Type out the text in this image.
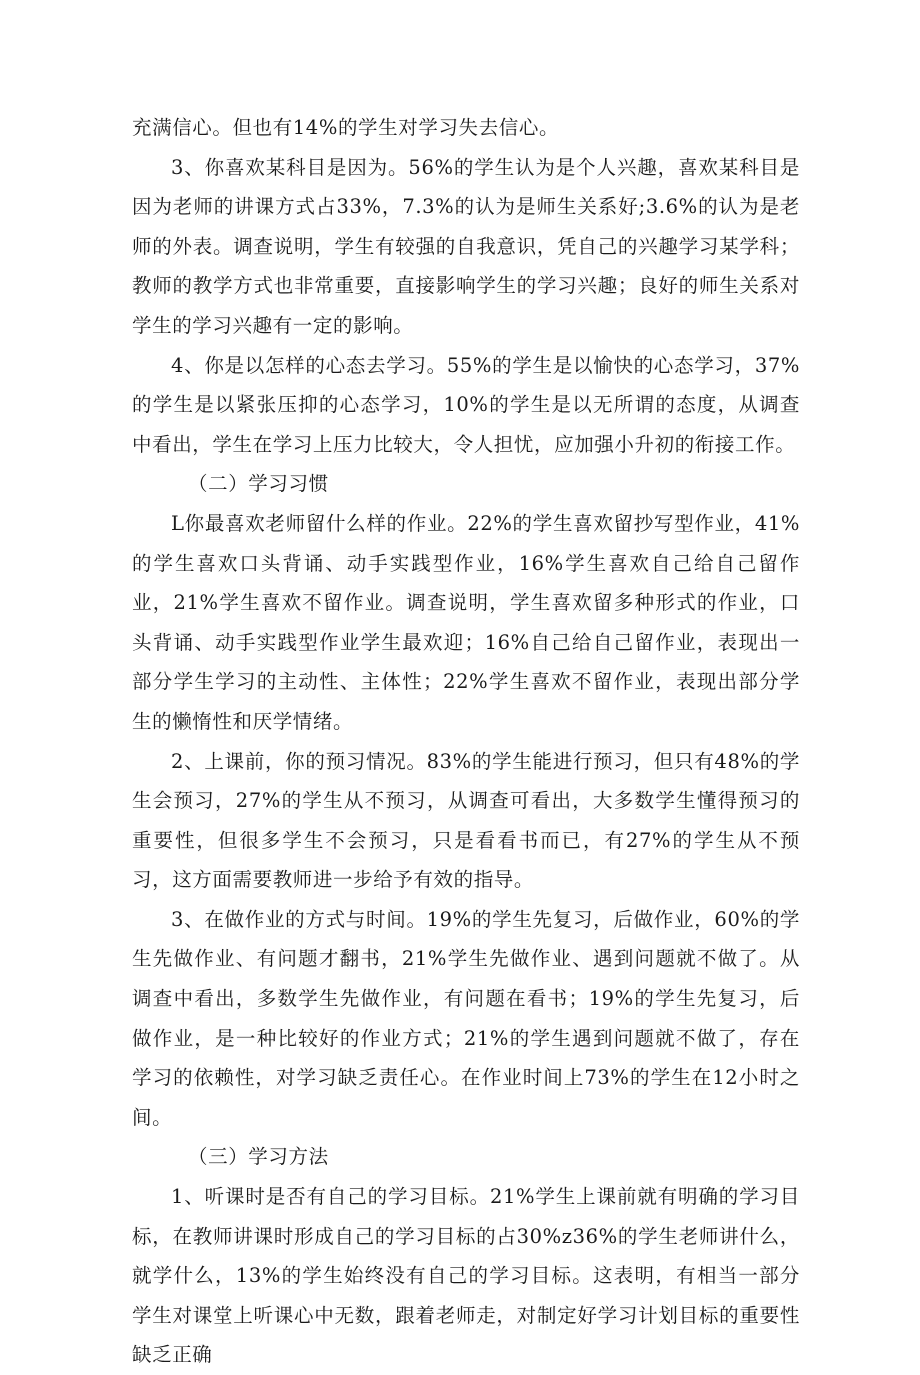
充满信心。但也有14%的学生对学习失去信心。

3、你喜欢某科目是因为。56%的学生认为是个人兴趣，喜欢某科目是因为老师的讲课方式占33%，7.3%的认为是师生关系好;3.6%的认为是老师的外表。调查说明，学生有较强的自我意识，凭自己的兴趣学习某学科；教师的教学方式也非常重要，直接影响学生的学习兴趣；良好的师生关系对学生的学习兴趣有一定的影响。

4、你是以怎样的心态去学习。55%的学生是以愉快的心态学习，37%的学生是以紧张压抑的心态学习，10%的学生是以无所谓的态度，从调查中看出，学生在学习上压力比较大，令人担忧，应加强小升初的衔接工作。

（二）学习习惯

L你最喜欢老师留什么样的作业。22%的学生喜欢留抄写型作业，41%的学生喜欢口头背诵、动手实践型作业，16%学生喜欢自己给自己留作业，21%学生喜欢不留作业。调查说明，学生喜欢留多种形式的作业，口头背诵、动手实践型作业学生最欢迎；16%自己给自己留作业，表现出一部分学生学习的主动性、主体性；22%学生喜欢不留作业，表现出部分学生的懒惰性和厌学情绪。

2、上课前，你的预习情况。83%的学生能进行预习，但只有48%的学生会预习，27%的学生从不预习，从调查可看出，大多数学生懂得预习的重要性，但很多学生不会预习，只是看看书而已，有27%的学生从不预习，这方面需要教师进一步给予有效的指导。

3、在做作业的方式与时间。19%的学生先复习，后做作业，60%的学生先做作业、有问题才翻书，21%学生先做作业、遇到问题就不做了。从调查中看出，多数学生先做作业，有问题在看书；19%的学生先复习，后做作业，是一种比较好的作业方式；21%的学生遇到问题就不做了，存在学习的依赖性，对学习缺乏责任心。在作业时间上73%的学生在12小时之间。

（三）学习方法

1、听课时是否有自己的学习目标。21%学生上课前就有明确的学习目标，在教师讲课时形成自己的学习目标的占30%z36%的学生老师讲什么，就学什么，13%的学生始终没有自己的学习目标。这表明，有相当一部分学生对课堂上听课心中无数，跟着老师走，对制定好学习计划目标的重要性缺乏正确
